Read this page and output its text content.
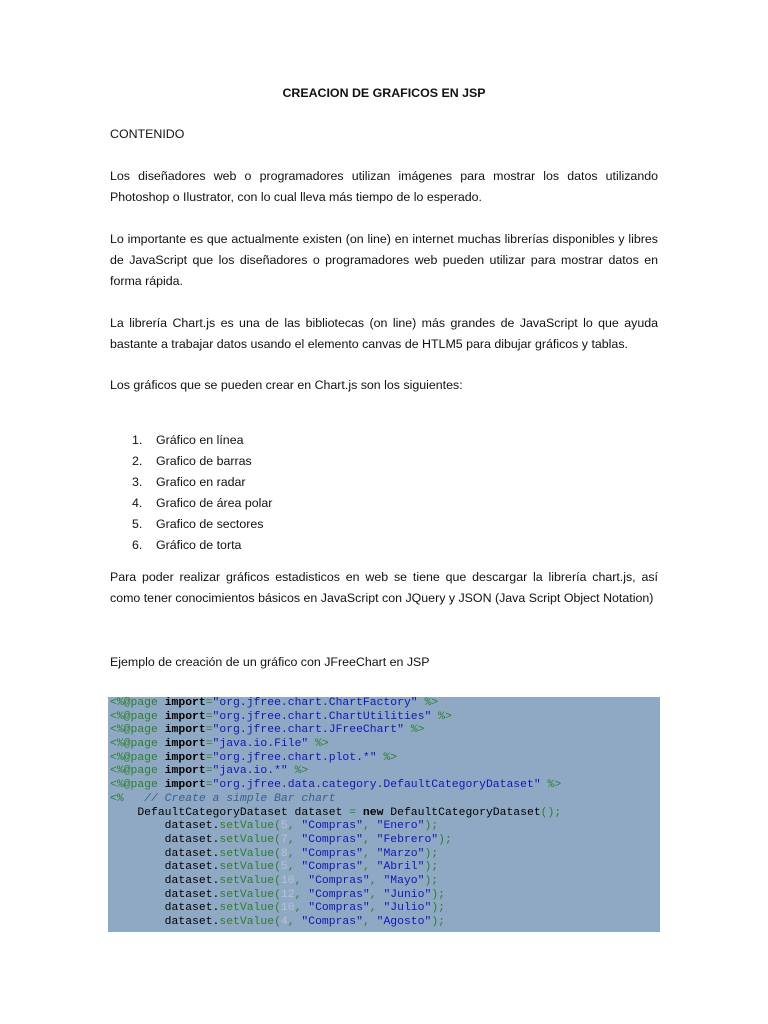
CREACION DE GRAFICOS EN JSP

CONTENIDO

Los diseñadores web o programadores utilizan imágenes para mostrar los datos utilizando Photoshop o Ilustrator, con lo cual lleva más tiempo de lo esperado.

Lo importante es que actualmente existen (on line) en internet muchas librerías disponibles y libres de JavaScript que los diseñadores o programadores web pueden utilizar para mostrar datos en forma rápida.

La librería Chart.js es una de las bibliotecas (on line) más grandes de JavaScript lo que ayuda bastante a trabajar datos usando el elemento canvas de HTLM5 para dibujar gráficos y tablas.

Los gráficos que se pueden crear en Chart.js son los siguientes:

1.	Gráfico en línea
2.	Grafico de barras
3.	Grafico en radar
4.	Grafico de área polar
5.	Grafico de sectores
6.	Gráfico de torta

Para poder realizar gráficos estadisticos en web se tiene que descargar la librería chart.js, así como tener conocimientos básicos en JavaScript con JQuery y JSON (Java Script Object Notation)

Ejemplo de creación de un gráfico con JFreeChart en JSP

<%@page import="org.jfree.chart.ChartFactory" %>
<%@page import="org.jfree.chart.ChartUtilities" %>
<%@page import="org.jfree.chart.JFreeChart" %>
<%@page import="java.io.File" %>
<%@page import="org.jfree.chart.plot.*" %>
<%@page import="java.io.*" %>
<%@page import="org.jfree.data.category.DefaultCategoryDataset" %>
<%   // Create a simple Bar chart
DefaultCategoryDataset dataset = new DefaultCategoryDataset();
dataset.setValue(5, "Compras", "Enero");
dataset.setValue(7, "Compras", "Febrero");
dataset.setValue(8, "Compras", "Marzo");
dataset.setValue(5, "Compras", "Abril");
dataset.setValue(10, "Compras", "Mayo");
dataset.setValue(12, "Compras", "Junio");
dataset.setValue(10, "Compras", "Julio");
dataset.setValue(4, "Compras", "Agosto");
